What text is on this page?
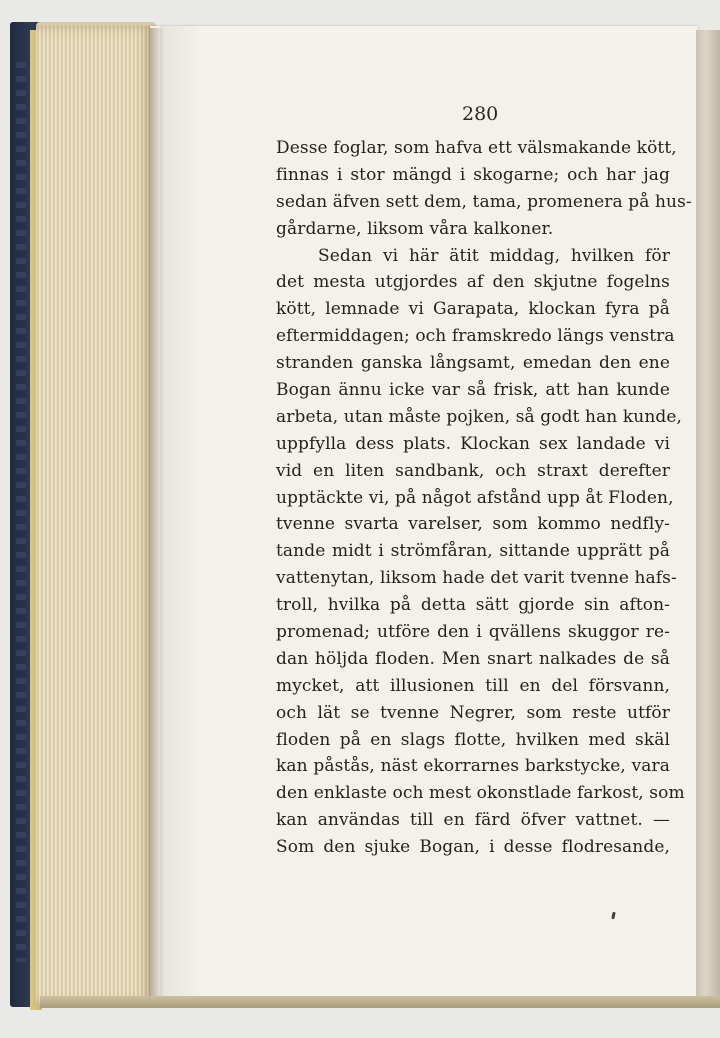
280
Desse foglar, som hafva ett välsmakande kött,
finnas i stor mängd i skogarne; och har jag
sedan äfven sett dem, tama, promenera på hus-
gårdarne, liksom våra kalkoner.
Sedan vi här ätit middag, hvilken för
det mesta utgjordes af den skjutne fogelns
kött, lemnade vi Garapata, klockan fyra på
eftermiddagen; och framskredo längs venstra
stranden ganska långsamt, emedan den ene
Bogan ännu icke var så frisk, att han kunde
arbeta, utan måste pojken, så godt han kunde,
uppfylla dess plats. Klockan sex landade vi
vid en liten sandbank, och straxt derefter
upptäckte vi, på något afstånd upp åt Floden,
tvenne svarta varelser, som kommo nedfly-
tande midt i strömfåran, sittande upprätt på
vattenytan, liksom hade det varit tvenne hafs-
troll, hvilka på detta sätt gjorde sin afton-
promenad; utföre den i qvällens skuggor re-
dan höljda floden. Men snart nalkades de så
mycket, att illusionen till en del försvann,
och lät se tvenne Negrer, som reste utför
floden på en slags flotte, hvilken med skäl
kan påstås, näst ekorrarnes barkstycke, vara
den enklaste och mest okonstlade farkost, som
kan användas till en färd öfver vattnet. —
Som den sjuke Bogan, i desse flodresande,
